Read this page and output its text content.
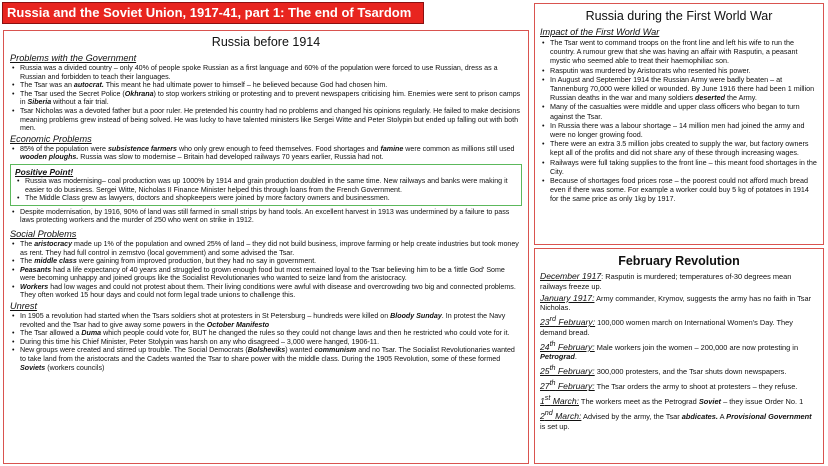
Russia and the Soviet Union, 1917-41, part 1: The end of Tsardom
Russia before 1914
Problems with the Government
• Russia was a divided country – only 40% of people spoke Russian as a first language and 60% of the population were forced to use Russian, dress as a Russian and forbidden to teach their languages.
• The Tsar was an autocrat. This meant he had ultimate power to himself – he believed because God had chosen him.
• The Tsar used the Secret Police (Okhrana) to stop workers striking or protesting and to prevent newspapers criticising him. Enemies were sent to prison camps in Siberia without a fair trial.
• Tsar Nicholas was a devoted father but a poor ruler. He pretended his country had no problems and changed his opinions regularly. He failed to make decisions meaning problems grew instead of being solved. He was lucky to have talented ministers like Sergei Witte and Peter Stolypin but ended up falling out with both men.
Economic Problems
• 85% of the population were subsistence farmers who only grew enough to feed themselves. Food shortages and famine were common as millions still used wooden ploughs. Russia was slow to modernise – Britain had developed railways 70 years earlier, Russia had not.
Positive Point!
• Russia was modernising– coal production was up 1000% by 1914 and grain production doubled in the same time. New railways and banks were making it easier to do business. Sergei Witte, Nicholas II Finance Minister helped this through loans from the French Government.
• The Middle Class grew as lawyers, doctors and shopkeepers were joined by more factory owners and businessmen.
• Despite modernisation, by 1916, 90% of land was still farmed in small strips by hand tools. An excellent harvest in 1913 was undermined by a failure to pass laws protecting workers and the murder of 250 who went on strike in 1912.
Social Problems
• The aristocracy made up 1% of the population and owned 25% of land – they did not build business, improve farming or help create industries but took money as rent. They had full control in zemstvo (local government) and some advised the Tsar.
• The middle class were gaining from improved production, but they had no say in government.
• Peasants had a life expectancy of 40 years and struggled to grown enough food but most remained loyal to the Tsar believing him to be a 'little God' Some were becoming unhappy and joined groups like the Socialist Revolutionaries who wanted to seize land from the aristocracy.
• Workers had low wages and could not protest about them. Their living conditions were awful with disease and overcrowding two big and connected problems. They often worked 15 hour days and could not form legal trade unions to challenge this.
Unrest
• In 1905 a revolution had started when the Tsars soldiers shot at protesters in St Petersburg – hundreds were killed on Bloody Sunday. In protest the Navy revolted and the Tsar had to give away some powers in the October Manifesto
• The Tsar allowed a Duma which people could vote for, BUT he changed the rules so they could not change laws and then he restricted who could vote for it.
• During this time his Chief Minister, Peter Stolypin was harsh on any who disagreed – 3,000 were hanged, 1906-11.
• New groups were created and stirred up trouble. The Social Democrats (Bolsheviks) wanted communism and no Tsar. The Socialist Revolutionaries wanted to take land from the aristocrats and the Cadets wanted the Tsar to share power with the middle class. During the 1905 Revolution, some of these formed Soviets (workers councils)
Russia during the First World War
Impact of the First World War
• The Tsar went to command troops on the front line and left his wife to run the country. A rumour grew that she was having an affair with Rasputin, a peasant mystic who seemed able to treat their haemophiliac son.
• Rasputin was murdered by Aristocrats who resented his power.
• In August and September 1914 the Russian Army were badly beaten – at Tannenburg 70,000 were killed or wounded. By June 1916 there had been 1 million Russian deaths in the war and many soldiers deserted the Army.
• Many of the casualties were middle and upper class officers who began to turn against the Tsar.
• In Russia there was a labour shortage – 14 million men had joined the army and were no longer growing food.
• There were an extra 3.5 million jobs created to supply the war, but factory owners kept all of the profits and did not share any of these through increasing wages.
• Railways were full taking supplies to the front line – this meant food shortages in the City.
• Because of shortages food prices rose – the poorest could not afford much bread even if there was some. For example a worker could buy 5 kg of potatoes in 1914 for the same price as only 1kg by 1917.
February Revolution

December 1917: Rasputin is murdered; temperatures of-30 degrees mean railways freeze up.

January 1917: Army commander, Krymov, suggests the army has no faith in Tsar Nicholas.

23rd February: 100,000 women march on International Women's Day. They demand bread.

24th February: Male workers join the women – 200,000 are now protesting in Petrograd.

25th February: 300,000 protesters, and the Tsar shuts down newspapers.

27th February: The Tsar orders the army to shoot at protesters – they refuse.

1st March: The workers meet as the Petrograd Soviet – they issue Order No. 1

2nd March: Advised by the army, the Tsar abdicates. A Provisional Government is set up.
